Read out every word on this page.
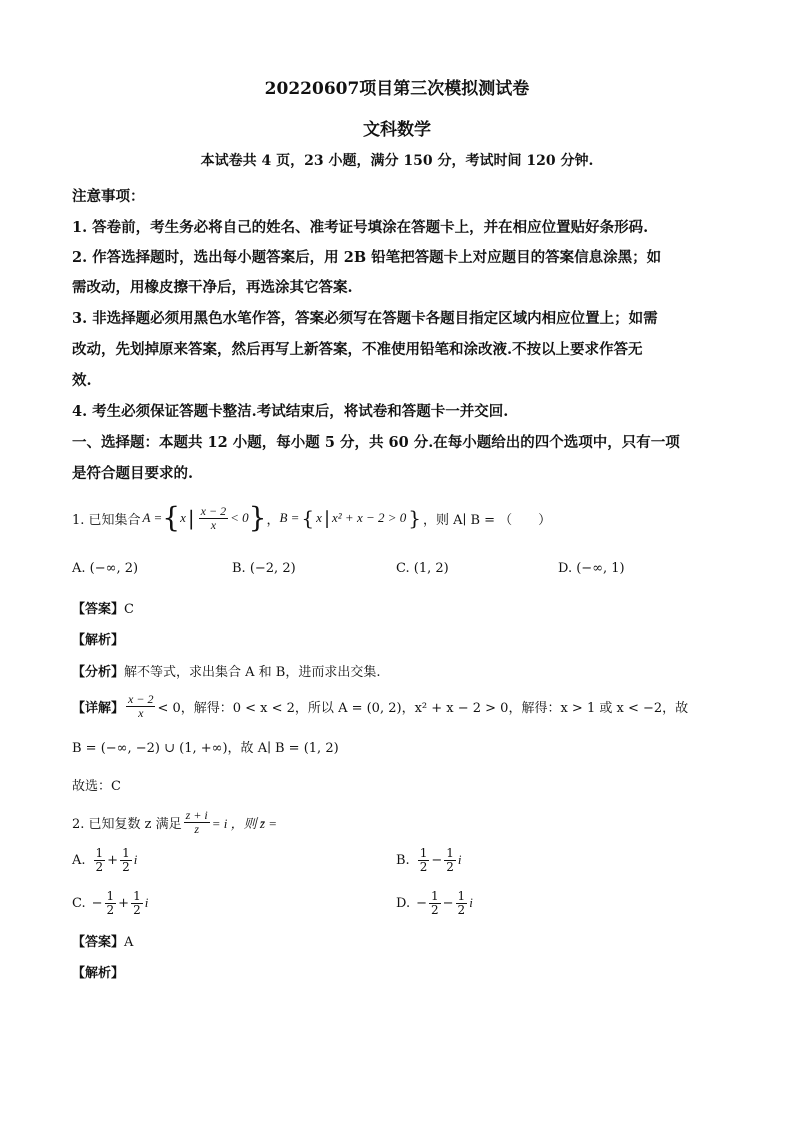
20220607项目第三次模拟测试卷
文科数学
本试卷共 4 页，23 小题，满分 150 分，考试时间 120 分钟.
注意事项：
1. 答卷前，考生务必将自己的姓名、准考证号填涂在答题卡上，并在相应位置贴好条形码.
2. 作答选择题时，选出每小题答案后，用 2B 铅笔把答题卡上对应题目的答案信息涂黑；如
需改动，用橡皮擦干净后，再选涂其它答案.
3. 非选择题必须用黑色水笔作答，答案必须写在答题卡各题目指定区域内相应位置上；如需
改动，先划掉原来答案，然后再写上新答案，不准使用铅笔和涂改液.不按以上要求作答无
效.
4. 考生必须保证答题卡整洁.考试结束后，将试卷和答题卡一并交回.
一、选择题：本题共 12 小题，每小题 5 分，共 60 分.在每小题给出的四个选项中，只有一项
是符合题目要求的.
1. 已知集合 A = { x | $\frac{x - 2}{x} < 0$ } ， B = { x | x² + x − 2 > 0 } ，则 A∣ B = （　　）
A. (−∞, 2)	B. (−2, 2)	C. (1, 2)	D. (−∞, 1)
【答案】C
【解析】
【分析】解不等式，求出集合 A 和 B，进而求出交集.
【详解】 $\frac{x - 2}{x} < 0$，解得：0 < x < 2，所以 A = (0, 2)，x² + x − 2 > 0，解得：x > 1 或 x < −2，故
B = (−∞, −2) ∪ (1, +∞)，故 A∣ B = (1, 2)
故选：C
2. 已知复数 z 满足 $\frac{z + i}{z} = i$ ，则 z̄ =
A. $\frac{1}{2} + \frac{1}{2}$ i	B. $\frac{1}{2} - \frac{1}{2}$ i
C. − $\frac{1}{2} + \frac{1}{2}$ i	D. − $\frac{1}{2} - \frac{1}{2}$ i
【答案】A
【解析】
